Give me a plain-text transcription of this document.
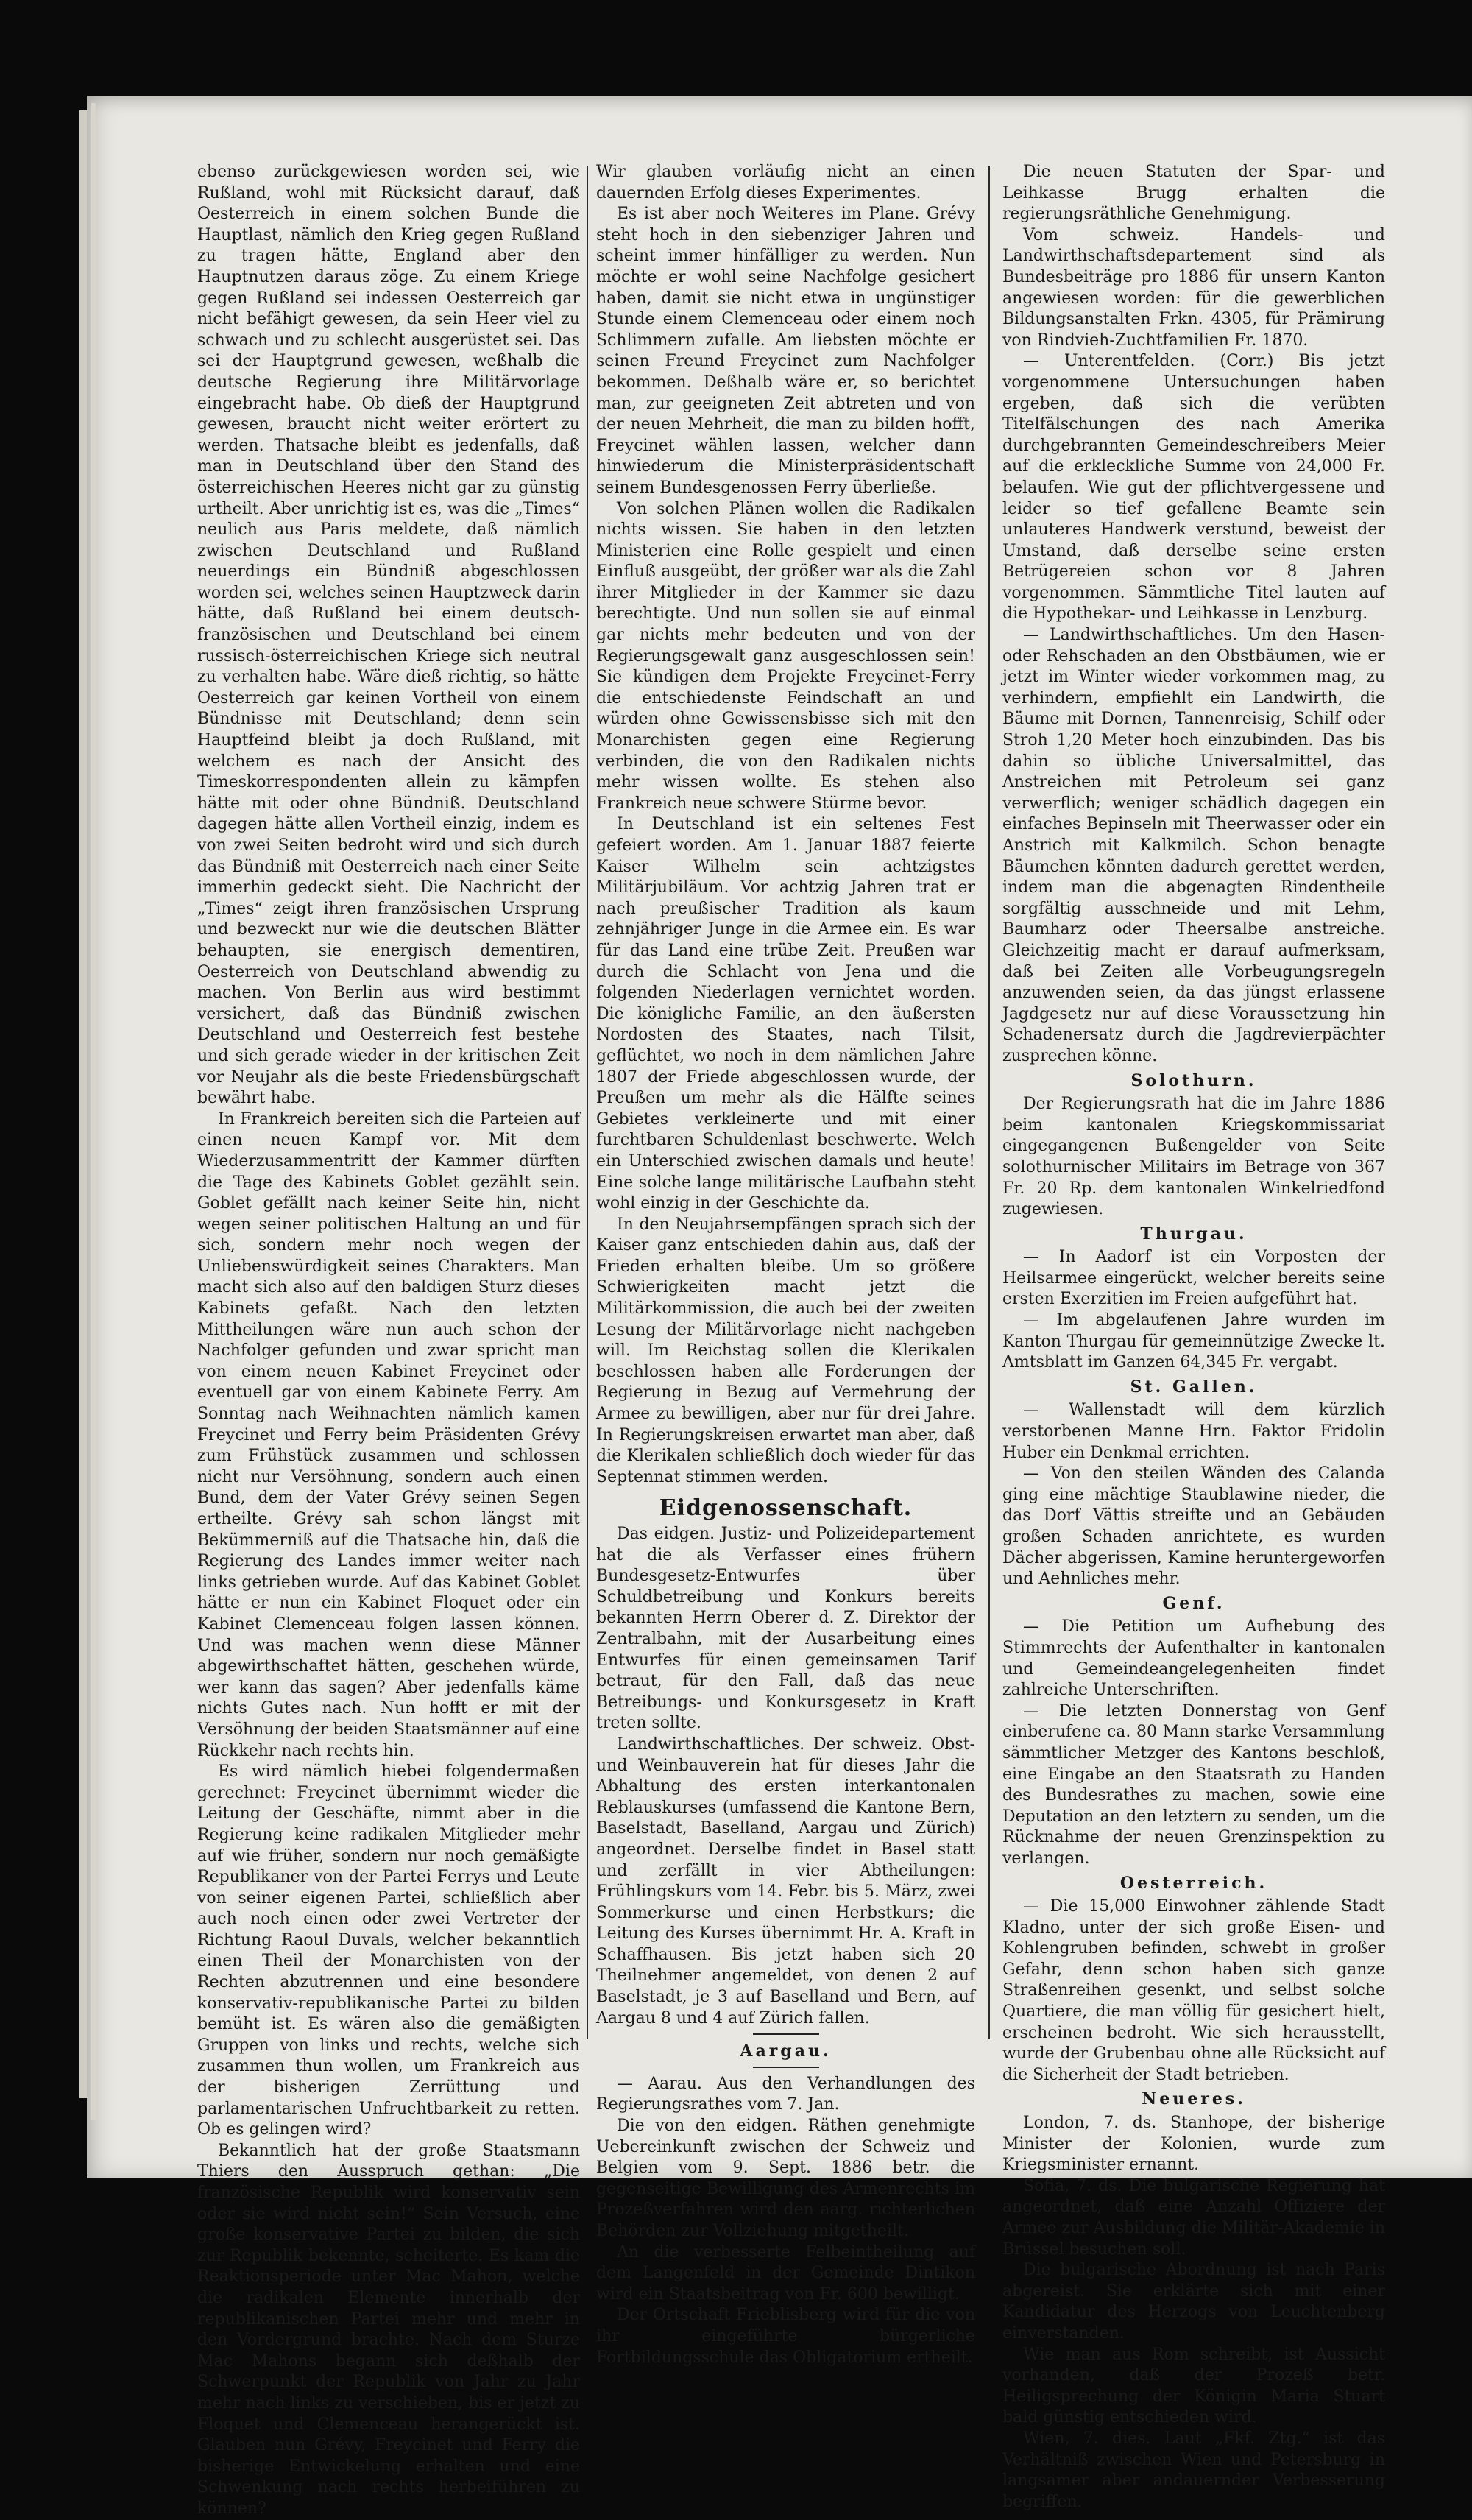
ebenso zurückgewiesen worden sei, wie Rußland, wohl mit Rücksicht darauf, daß Oesterreich in einem solchen Bunde die Hauptlast, nämlich den Krieg gegen Rußland zu tragen hätte, England aber den Hauptnutzen daraus zöge. Zu einem Kriege gegen Rußland sei indessen Oesterreich gar nicht befähigt gewesen, da sein Heer viel zu schwach und zu schlecht ausgerüstet sei. Das sei der Hauptgrund gewesen, weßhalb die deutsche Regierung ihre Militärvorlage eingebracht habe. Ob dieß der Hauptgrund gewesen, braucht nicht weiter erörtert zu werden. Thatsache bleibt es jedenfalls, daß man in Deutschland über den Stand des österreichischen Heeres nicht gar zu günstig urtheilt. Aber unrichtig ist es, was die „Times“ neulich aus Paris meldete, daß nämlich zwischen Deutschland und Rußland neuerdings ein Bündniß abgeschlossen worden sei, welches seinen Hauptzweck darin hätte, daß Rußland bei einem deutsch-französischen und Deutschland bei einem russisch-österreichischen Kriege sich neutral zu verhalten habe. Wäre dieß richtig, so hätte Oesterreich gar keinen Vortheil von einem Bündnisse mit Deutschland; denn sein Hauptfeind bleibt ja doch Rußland, mit welchem es nach der Ansicht des Timeskorrespondenten allein zu kämpfen hätte mit oder ohne Bündniß. Deutschland dagegen hätte allen Vortheil einzig, indem es von zwei Seiten bedroht wird und sich durch das Bündniß mit Oesterreich nach einer Seite immerhin gedeckt sieht. Die Nachricht der „Times“ zeigt ihren französischen Ursprung und bezweckt nur wie die deutschen Blätter behaupten, sie energisch dementiren, Oesterreich von Deutschland abwendig zu machen. Von Berlin aus wird bestimmt versichert, daß das Bündniß zwischen Deutschland und Oesterreich fest bestehe und sich gerade wieder in der kritischen Zeit vor Neujahr als die beste Friedensbürgschaft bewährt habe.

In Frankreich bereiten sich die Parteien auf einen neuen Kampf vor. Mit dem Wiederzusammentritt der Kammer dürften die Tage des Kabinets Goblet gezählt sein. Goblet gefällt nach keiner Seite hin, nicht wegen seiner politischen Haltung an und für sich, sondern mehr noch wegen der Unliebenswürdigkeit seines Charakters. Man macht sich also auf den baldigen Sturz dieses Kabinets gefaßt. Nach den letzten Mittheilungen wäre nun auch schon der Nachfolger gefunden und zwar spricht man von einem neuen Kabinet Freycinet oder eventuell gar von einem Kabinete Ferry. Am Sonntag nach Weihnachten nämlich kamen Freycinet und Ferry beim Präsidenten Grévy zum Frühstück zusammen und schlossen nicht nur Versöhnung, sondern auch einen Bund, dem der Vater Grévy seinen Segen ertheilte. Grévy sah schon längst mit Bekümmerniß auf die Thatsache hin, daß die Regierung des Landes immer weiter nach links getrieben wurde. Auf das Kabinet Goblet hätte er nun ein Kabinet Floquet oder ein Kabinet Clemenceau folgen lassen können. Und was machen wenn diese Männer abgewirthschaftet hätten, geschehen würde, wer kann das sagen? Aber jedenfalls käme nichts Gutes nach. Nun hofft er mit der Versöhnung der beiden Staatsmänner auf eine Rückkehr nach rechts hin.

Es wird nämlich hiebei folgendermaßen gerechnet: Freycinet übernimmt wieder die Leitung der Geschäfte, nimmt aber in die Regierung keine radikalen Mitglieder mehr auf wie früher, sondern nur noch gemäßigte Republikaner von der Partei Ferrys und Leute von seiner eigenen Partei, schließlich aber auch noch einen oder zwei Vertreter der Richtung Raoul Duvals, welcher bekanntlich einen Theil der Monarchisten von der Rechten abzutrennen und eine besondere konservativ-republikanische Partei zu bilden bemüht ist. Es wären also die gemäßigten Gruppen von links und rechts, welche sich zusammen thun wollen, um Frankreich aus der bisherigen Zerrüttung und parlamentarischen Unfruchtbarkeit zu retten. Ob es gelingen wird?

Bekanntlich hat der große Staatsmann Thiers den Ausspruch gethan: „Die französische Republik wird konservativ sein oder sie wird nicht sein!“ Sein Versuch, eine große konservative Partei zu bilden, die sich zur Republik bekennte, scheiterte. Es kam die Reaktionsperiode unter Mac Mahon, welche die radikalen Elemente innerhalb der republikanischen Partei mehr und mehr in den Vordergrund brachte. Nach dem Sturze Mac Mahons begann sich deßhalb der Schwerpunkt der Republik von Jahr zu Jahr mehr nach links zu verschieben, bis er jetzt zu Floquet und Clemenceau herangerückt ist. Glauben nun Grévy, Freycinet und Ferry die bisherige Entwickelung erhalten und eine Schwenkung nach rechts herbeiführen zu können?

Wir glauben vorläufig nicht an einen dauernden Erfolg dieses Experimentes.

Es ist aber noch Weiteres im Plane. Grévy steht hoch in den siebenziger Jahren und scheint immer hinfälliger zu werden. Nun möchte er wohl seine Nachfolge gesichert haben, damit sie nicht etwa in ungünstiger Stunde einem Clemenceau oder einem noch Schlimmern zufalle. Am liebsten möchte er seinen Freund Freycinet zum Nachfolger bekommen. Deßhalb wäre er, so berichtet man, zur geeigneten Zeit abtreten und von der neuen Mehrheit, die man zu bilden hofft, Freycinet wählen lassen, welcher dann hinwiederum die Ministerpräsidentschaft seinem Bundesgenossen Ferry überließe.

Von solchen Plänen wollen die Radikalen nichts wissen. Sie haben in den letzten Ministerien eine Rolle gespielt und einen Einfluß ausgeübt, der größer war als die Zahl ihrer Mitglieder in der Kammer sie dazu berechtigte. Und nun sollen sie auf einmal gar nichts mehr bedeuten und von der Regierungsgewalt ganz ausgeschlossen sein! Sie kündigen dem Projekte Freycinet-Ferry die entschiedenste Feindschaft an und würden ohne Gewissensbisse sich mit den Monarchisten gegen eine Regierung verbinden, die von den Radikalen nichts mehr wissen wollte. Es stehen also Frankreich neue schwere Stürme bevor.

In Deutschland ist ein seltenes Fest gefeiert worden. Am 1. Januar 1887 feierte Kaiser Wilhelm sein achtzigstes Militärjubiläum. Vor achtzig Jahren trat er nach preußischer Tradition als kaum zehnjähriger Junge in die Armee ein. Es war für das Land eine trübe Zeit. Preußen war durch die Schlacht von Jena und die folgenden Niederlagen vernichtet worden. Die königliche Familie, an den äußersten Nordosten des Staates, nach Tilsit, geflüchtet, wo noch in dem nämlichen Jahre 1807 der Friede abgeschlossen wurde, der Preußen um mehr als die Hälfte seines Gebietes verkleinerte und mit einer furchtbaren Schuldenlast beschwerte. Welch ein Unterschied zwischen damals und heute! Eine solche lange militärische Laufbahn steht wohl einzig in der Geschichte da.

In den Neujahrsempfängen sprach sich der Kaiser ganz entschieden dahin aus, daß der Frieden erhalten bleibe. Um so größere Schwierigkeiten macht jetzt die Militärkommission, die auch bei der zweiten Lesung der Militärvorlage nicht nachgeben will. Im Reichstag sollen die Klerikalen beschlossen haben alle Forderungen der Regierung in Bezug auf Vermehrung der Armee zu bewilligen, aber nur für drei Jahre. In Regierungskreisen erwartet man aber, daß die Klerikalen schließlich doch wieder für das Septennat stimmen werden.

Eidgenossenschaft.

Das eidgen. Justiz- und Polizeidepartement hat die als Verfasser eines frühern Bundesgesetz-Entwurfes über Schuldbetreibung und Konkurs bereits bekannten Herrn Oberer d. Z. Direktor der Zentralbahn, mit der Ausarbeitung eines Entwurfes für einen gemeinsamen Tarif betraut, für den Fall, daß das neue Betreibungs- und Konkursgesetz in Kraft treten sollte.

Landwirthschaftliches. Der schweiz. Obst- und Weinbauverein hat für dieses Jahr die Abhaltung des ersten interkantonalen Reblauskurses (umfassend die Kantone Bern, Baselstadt, Baselland, Aargau und Zürich) angeordnet. Derselbe findet in Basel statt und zerfällt in vier Abtheilungen: Frühlingskurs vom 14. Febr. bis 5. März, zwei Sommerkurse und einen Herbstkurs; die Leitung des Kurses übernimmt Hr. A. Kraft in Schaffhausen. Bis jetzt haben sich 20 Theilnehmer angemeldet, von denen 2 auf Baselstadt, je 3 auf Baselland und Bern, auf Aargau 8 und 4 auf Zürich fallen.

Aargau.

— Aarau. Aus den Verhandlungen des Regierungsrathes vom 7. Jan.

Die von den eidgen. Räthen genehmigte Uebereinkunft zwischen der Schweiz und Belgien vom 9. Sept. 1886 betr. die gegenseitige Bewilligung des Armenrechts im Prozeßverfahren wird den aarg. richterlichen Behörden zur Vollziehung mitgetheilt.

An die verbesserte Felbeintheilung auf dem Langenfeld in der Gemeinde Dintikon wird ein Staatsbeitrag von Fr. 600 bewilligt.

Der Ortschaft Frieblisberg wird für die von ihr eingeführte bürgerliche Fortbildungsschule das Obligatorium ertheilt.

Die neuen Statuten der Spar- und Leihkasse Brugg erhalten die regierungsräthliche Genehmigung.

Vom schweiz. Handels- und Landwirthschaftsdepartement sind als Bundesbeiträge pro 1886 für unsern Kanton angewiesen worden: für die gewerblichen Bildungsanstalten Frkn. 4305, für Prämirung von Rindvieh-Zuchtfamilien Fr. 1870.

— Unterentfelden. (Corr.) Bis jetzt vorgenommene Untersuchungen haben ergeben, daß sich die verübten Titelfälschungen des nach Amerika durchgebrannten Gemeindeschreibers Meier auf die erkleckliche Summe von 24,000 Fr. belaufen. Wie gut der pflichtvergessene und leider so tief gefallene Beamte sein unlauteres Handwerk verstund, beweist der Umstand, daß derselbe seine ersten Betrügereien schon vor 8 Jahren vorgenommen. Sämmtliche Titel lauten auf die Hypothekar- und Leihkasse in Lenzburg.

— Landwirthschaftliches. Um den Hasen- oder Rehschaden an den Obstbäumen, wie er jetzt im Winter wieder vorkommen mag, zu verhindern, empfiehlt ein Landwirth, die Bäume mit Dornen, Tannenreisig, Schilf oder Stroh 1,20 Meter hoch einzubinden. Das bis dahin so übliche Universalmittel, das Anstreichen mit Petroleum sei ganz verwerflich; weniger schädlich dagegen ein einfaches Bepinseln mit Theerwasser oder ein Anstrich mit Kalkmilch. Schon benagte Bäumchen könnten dadurch gerettet werden, indem man die abgenagten Rindentheile sorgfältig ausschneide und mit Lehm, Baumharz oder Theersalbe anstreiche. Gleichzeitig macht er darauf aufmerksam, daß bei Zeiten alle Vorbeugungsregeln anzuwenden seien, da das jüngst erlassene Jagdgesetz nur auf diese Voraussetzung hin Schadenersatz durch die Jagdrevierpächter zusprechen könne.

Solothurn.

Der Regierungsrath hat die im Jahre 1886 beim kantonalen Kriegskommissariat eingegangenen Bußengelder von Seite solothurnischer Militairs im Betrage von 367 Fr. 20 Rp. dem kantonalen Winkelriedfond zugewiesen.

Thurgau.

— In Aadorf ist ein Vorposten der Heilsarmee eingerückt, welcher bereits seine ersten Exerzitien im Freien aufgeführt hat.

— Im abgelaufenen Jahre wurden im Kanton Thurgau für gemeinnützige Zwecke lt. Amtsblatt im Ganzen 64,345 Fr. vergabt.

St. Gallen.

— Wallenstadt will dem kürzlich verstorbenen Manne Hrn. Faktor Fridolin Huber ein Denkmal errichten.

— Von den steilen Wänden des Calanda ging eine mächtige Staublawine nieder, die das Dorf Vättis streifte und an Gebäuden großen Schaden anrichtete, es wurden Dächer abgerissen, Kamine heruntergeworfen und Aehnliches mehr.

Genf.

— Die Petition um Aufhebung des Stimmrechts der Aufenthalter in kantonalen und Gemeindeangelegenheiten findet zahlreiche Unterschriften.

— Die letzten Donnerstag von Genf einberufene ca. 80 Mann starke Versammlung sämmtlicher Metzger des Kantons beschloß, eine Eingabe an den Staatsrath zu Handen des Bundesrathes zu machen, sowie eine Deputation an den letztern zu senden, um die Rücknahme der neuen Grenzinspektion zu verlangen.

Oesterreich.

— Die 15,000 Einwohner zählende Stadt Kladno, unter der sich große Eisen- und Kohlengruben befinden, schwebt in großer Gefahr, denn schon haben sich ganze Straßenreihen gesenkt, und selbst solche Quartiere, die man völlig für gesichert hielt, erscheinen bedroht. Wie sich herausstellt, wurde der Grubenbau ohne alle Rücksicht auf die Sicherheit der Stadt betrieben.

Neueres.

London, 7. ds. Stanhope, der bisherige Minister der Kolonien, wurde zum Kriegsminister ernannt.

Sofia, 7. ds. Die bulgarische Regierung hat angeordnet, daß eine Anzahl Offiziere der Armee zur Ausbildung die Militär-Akademie in Brüssel besuchen soll.

Die bulgarische Abordnung ist nach Paris abgereist. Sie erklärte sich mit einer Kandidatur des Herzogs von Leuchtenberg einverstanden.

Wie man aus Rom schreibt, ist Aussicht vorhanden, daß der Prozeß betr. Heiligsprechung der Königin Maria Stuart bald günstig entschieden wird.

Wien, 7. dies. Laut „Fkf. Ztg.“ ist das Verhältniß zwischen Wien und Petersburg in langsamer aber andauernder Verbesserung begriffen.
